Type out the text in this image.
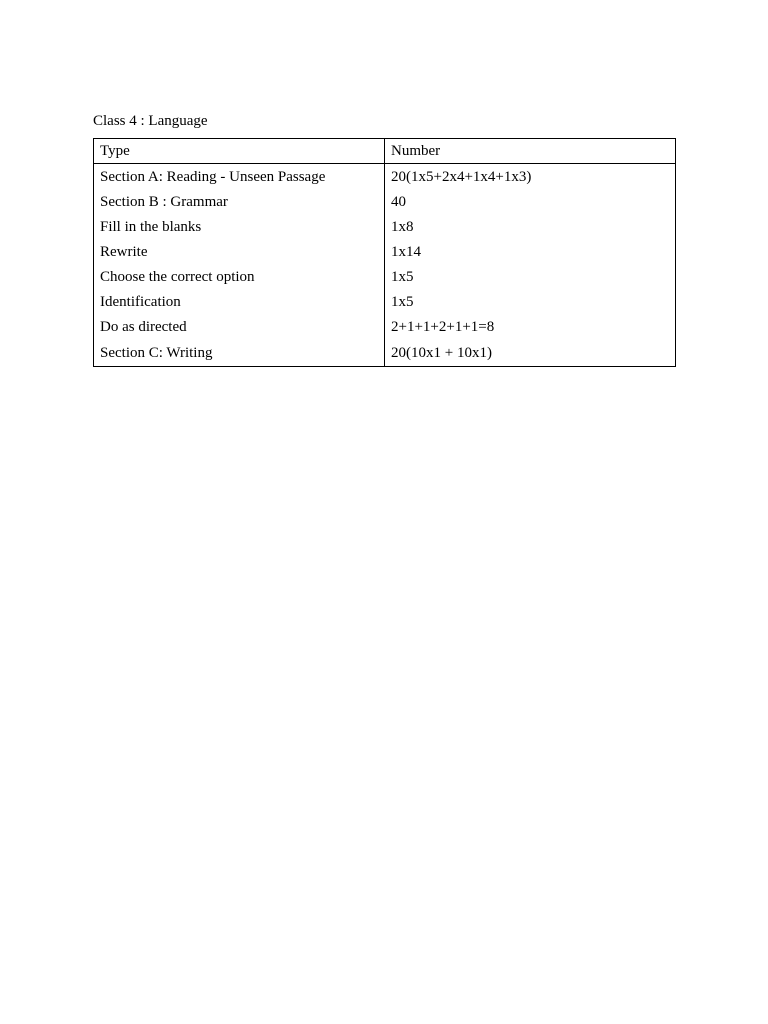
Class 4 : Language
Type	Number
Section A: Reading - Unseen Passage	20(1x5+2x4+1x4+1x3)
Section B : Grammar	40
Fill in the blanks	1x8
Rewrite	1x14
Choose the correct option	1x5
Identification	1x5
Do as directed	2+1+1+2+1+1=8
Section C: Writing	20(10x1 + 10x1)
